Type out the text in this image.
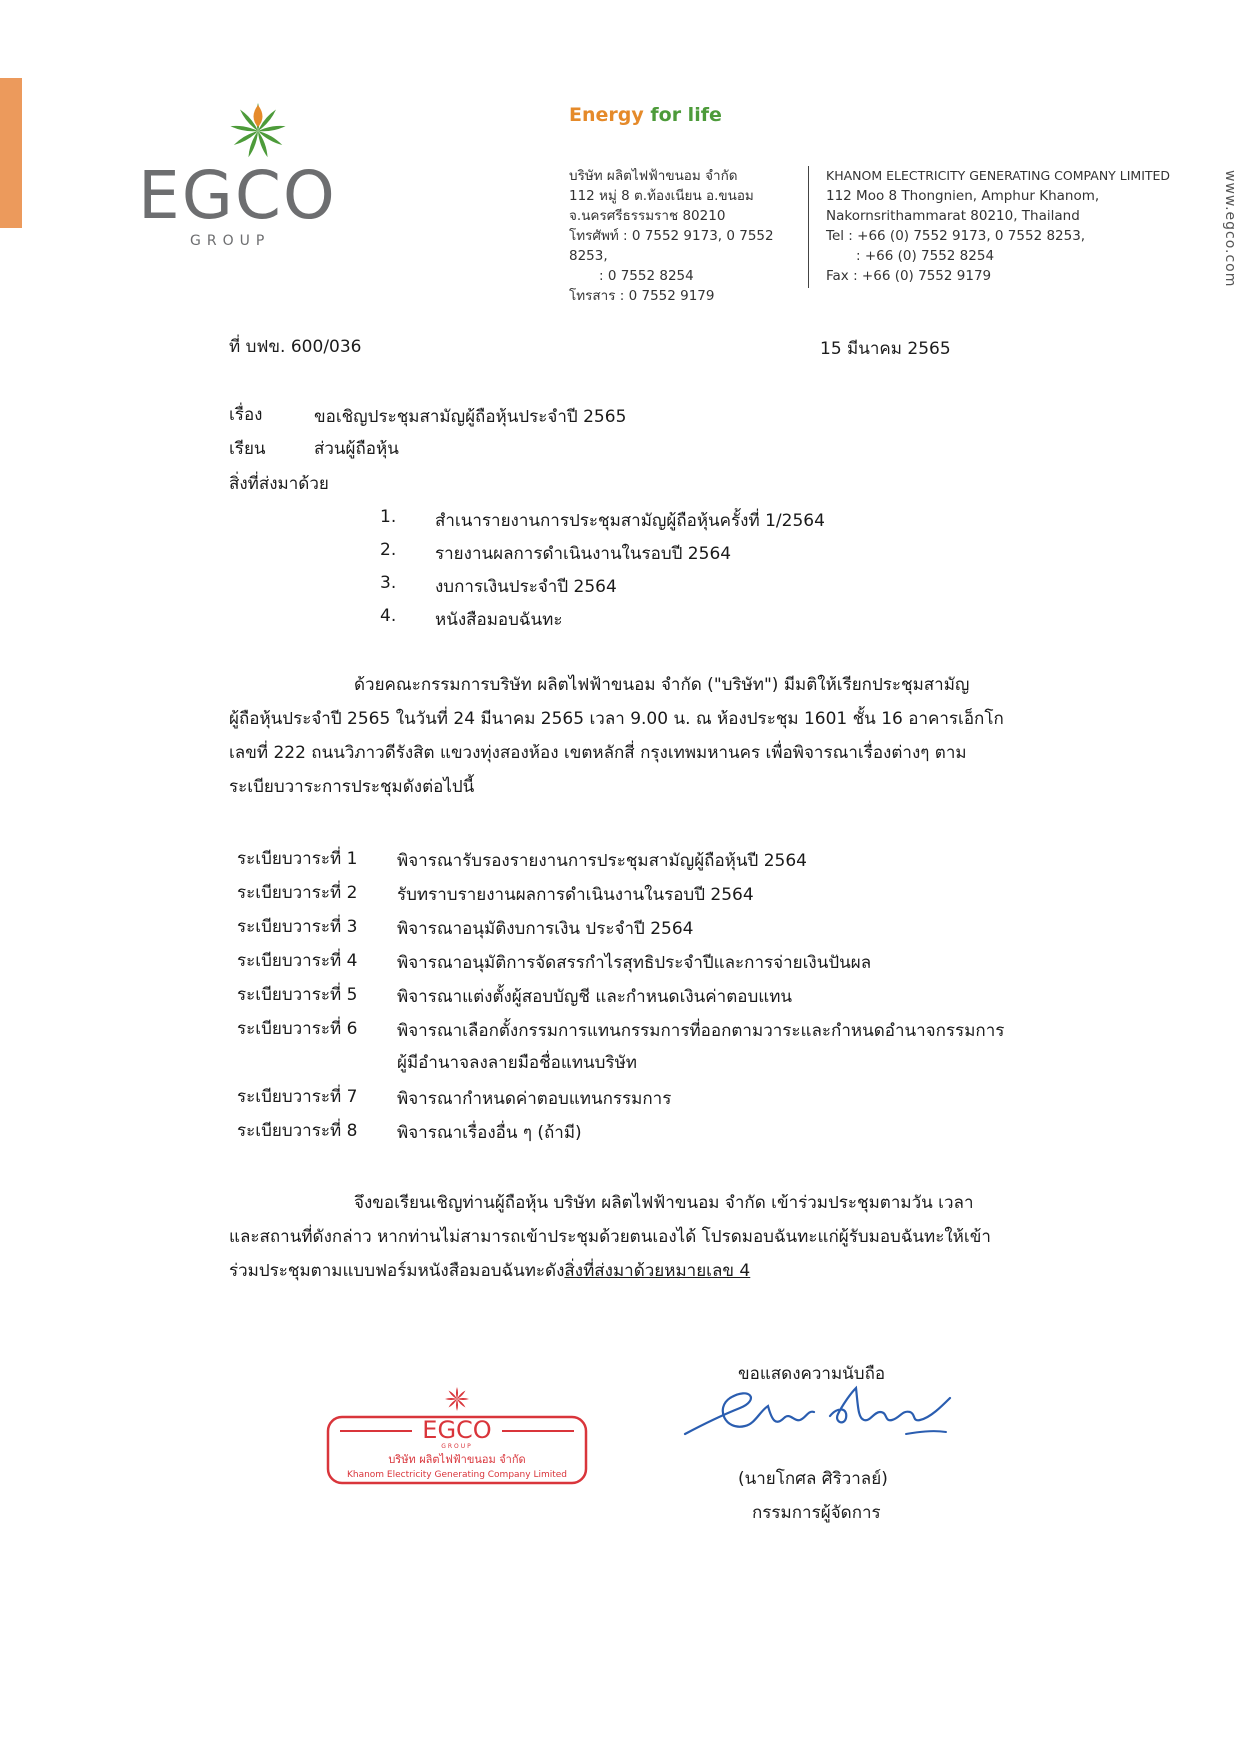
EGCO
GROUP
Energy for life
บริษัท ผลิตไฟฟ้าขนอม จำกัด
112 หมู่ 8 ต.ท้องเนียน อ.ขนอม
จ.นครศรีธรรมราช 80210
โทรศัพท์ : 0 7552 9173, 0 7552 8253,
: 0 7552 8254
โทรสาร : 0 7552 9179
KHANOM ELECTRICITY GENERATING COMPANY LIMITED
112 Moo 8 Thongnien, Amphur Khanom,
Nakornsrithammarat 80210, Thailand
Tel : +66 (0) 7552 9173, 0 7552 8253,
: +66 (0) 7552 8254
Fax : +66 (0) 7552 9179	www.egco.com
ที่ บฟข. 600/036	15 มีนาคม 2565
เรื่อง	ขอเชิญประชุมสามัญผู้ถือหุ้นประจำปี 2565
เรียน	ส่วนผู้ถือหุ้น
สิ่งที่ส่งมาด้วย
1. สำเนารายงานการประชุมสามัญผู้ถือหุ้นครั้งที่ 1/2564
2. รายงานผลการดำเนินงานในรอบปี 2564
3. งบการเงินประจำปี 2564
4. หนังสือมอบฉันทะ
ด้วยคณะกรรมการบริษัท ผลิตไฟฟ้าขนอม จำกัด ("บริษัท") มีมติให้เรียกประชุมสามัญ
ผู้ถือหุ้นประจำปี 2565 ในวันที่ 24 มีนาคม 2565 เวลา 9.00 น. ณ ห้องประชุม 1601 ชั้น 16 อาคารเอ็กโก
เลขที่ 222 ถนนวิภาวดีรังสิต แขวงทุ่งสองห้อง เขตหลักสี่ กรุงเทพมหานคร เพื่อพิจารณาเรื่องต่างๆ ตาม
ระเบียบวาระการประชุมดังต่อไปนี้
ระเบียบวาระที่ 1 พิจารณารับรองรายงานการประชุมสามัญผู้ถือหุ้นปี 2564
ระเบียบวาระที่ 2 รับทราบรายงานผลการดำเนินงานในรอบปี 2564
ระเบียบวาระที่ 3 พิจารณาอนุมัติงบการเงิน ประจำปี 2564
ระเบียบวาระที่ 4 พิจารณาอนุมัติการจัดสรรกำไรสุทธิประจำปีและการจ่ายเงินปันผล
ระเบียบวาระที่ 5 พิจารณาแต่งตั้งผู้สอบบัญชี และกำหนดเงินค่าตอบแทน
ระเบียบวาระที่ 6 พิจารณาเลือกตั้งกรรมการแทนกรรมการที่ออกตามวาระและกำหนดอำนาจกรรมการ
ผู้มีอำนาจลงลายมือชื่อแทนบริษัท
ระเบียบวาระที่ 7 พิจารณากำหนดค่าตอบแทนกรรมการ
ระเบียบวาระที่ 8 พิจารณาเรื่องอื่น ๆ (ถ้ามี)
จึงขอเรียนเชิญท่านผู้ถือหุ้น บริษัท ผลิตไฟฟ้าขนอม จำกัด เข้าร่วมประชุมตามวัน เวลา
และสถานที่ดังกล่าว หากท่านไม่สามารถเข้าประชุมด้วยตนเองได้ โปรดมอบฉันทะแก่ผู้รับมอบฉันทะให้เข้า
ร่วมประชุมตามแบบฟอร์มหนังสือมอบฉันทะดังสิ่งที่ส่งมาด้วยหมายเลข 4
EGCO
GROUP
บริษัท ผลิตไฟฟ้าขนอม จำกัด
Khanom Electricity Generating Company Limited
ขอแสดงความนับถือ
(นายโกศล ศิริวาลย์)
กรรมการผู้จัดการ
